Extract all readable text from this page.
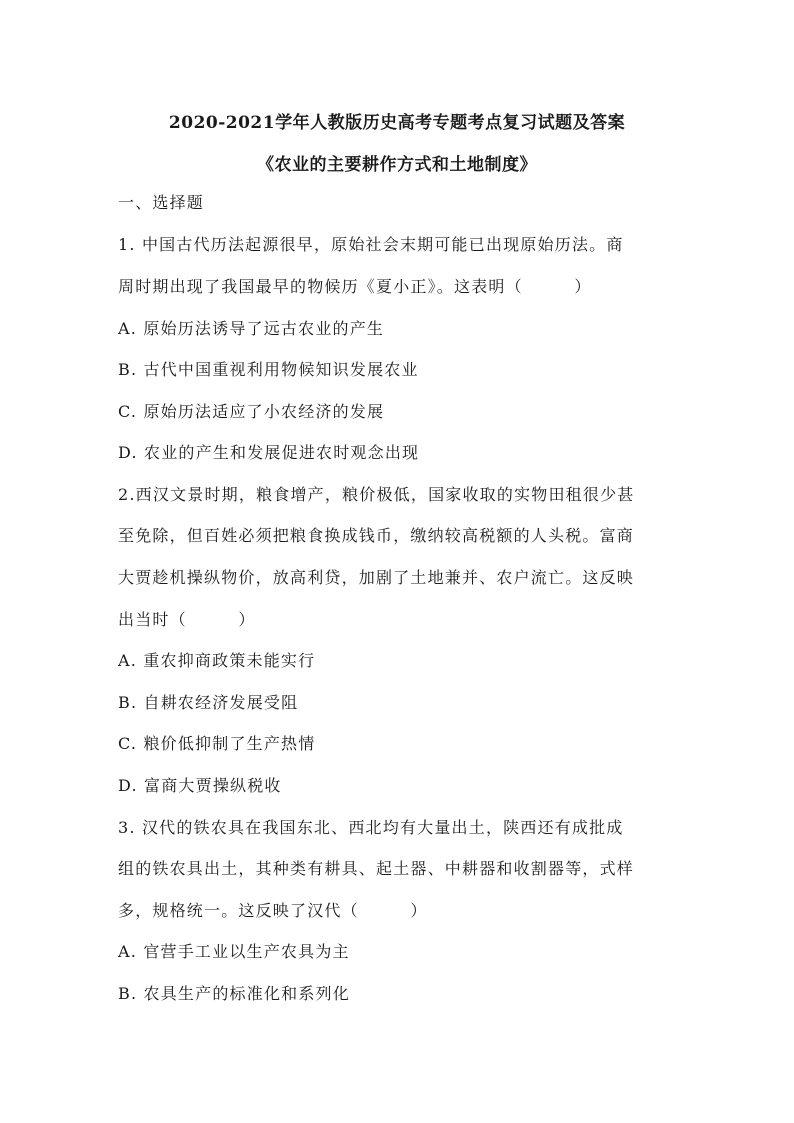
2020-2021学年人教版历史高考专题考点复习试题及答案
《农业的主要耕作方式和土地制度》
一、选择题
1. 中国古代历法起源很早，原始社会末期可能已出现原始历法。商
周时期出现了我国最早的物候历《夏小正》。这表明（　　　）
A. 原始历法诱导了远古农业的产生
B. 古代中国重视利用物候知识发展农业
C. 原始历法适应了小农经济的发展
D. 农业的产生和发展促进农时观念出现
2.西汉文景时期，粮食增产，粮价极低，国家收取的实物田租很少甚
至免除，但百姓必须把粮食换成钱币，缴纳较高税额的人头税。富商
大贾趁机操纵物价，放高利贷，加剧了土地兼并、农户流亡。这反映
出当时（　　　）
A. 重农抑商政策未能实行
B. 自耕农经济发展受阻
C. 粮价低抑制了生产热情
D. 富商大贾操纵税收
3. 汉代的铁农具在我国东北、西北均有大量出土，陕西还有成批成
组的铁农具出土，其种类有耕具、起土器、中耕器和收割器等，式样
多，规格统一。这反映了汉代（　　　）
A. 官营手工业以生产农具为主
B. 农具生产的标准化和系列化
